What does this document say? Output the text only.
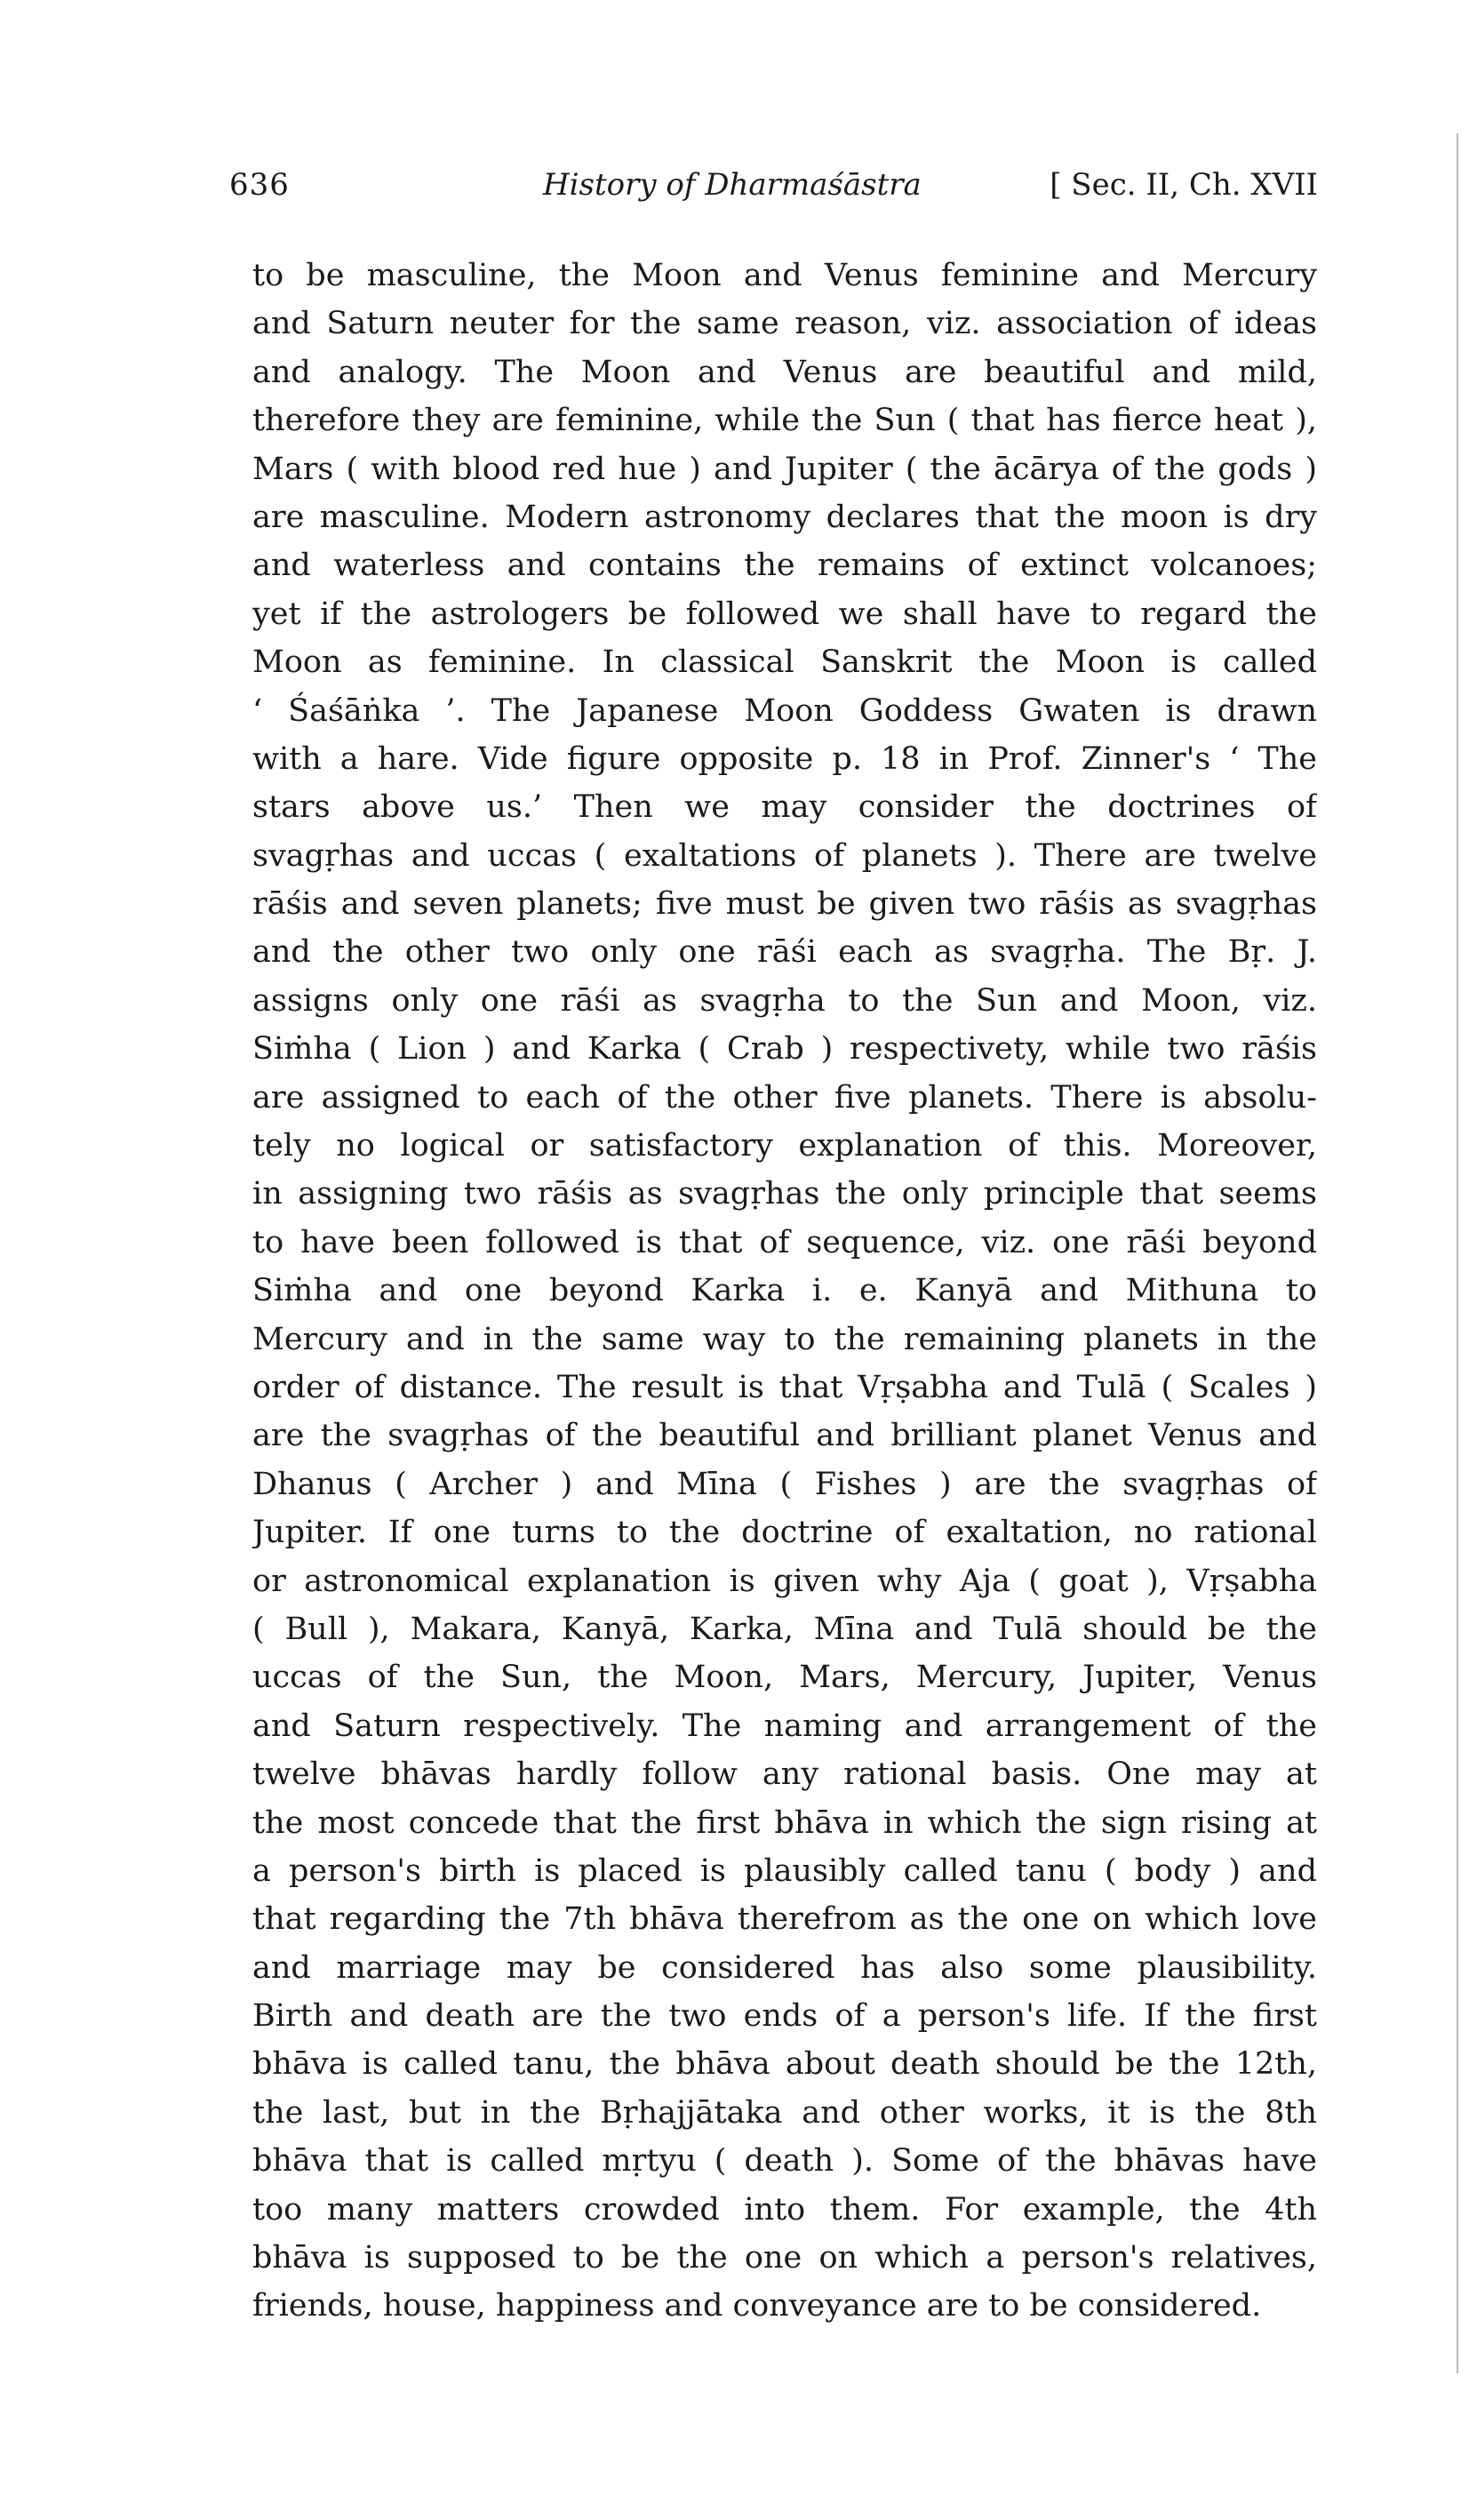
636	History of Dharmaśāstra	[ Sec. II, Ch. XVII
to be masculine, the Moon and Venus feminine and Mercury
and Saturn neuter for the same reason, viz. association of ideas
and analogy. The Moon and Venus are beautiful and mild,
therefore they are feminine, while the Sun ( that has fierce heat ),
Mars ( with blood red hue ) and Jupiter ( the ācārya of the gods )
are masculine. Modern astronomy declares that the moon is dry
and waterless and contains the remains of extinct volcanoes;
yet if the astrologers be followed we shall have to regard the
Moon as feminine. In classical Sanskrit the Moon is called
‘ Śaśāṅka ’. The Japanese Moon Goddess Gwaten is drawn
with a hare. Vide figure opposite p. 18 in Prof. Zinner's ‘ The
stars above us.’ Then we may consider the doctrines of
svagṛhas and uccas ( exaltations of planets ). There are twelve
rāśis and seven planets; five must be given two rāśis as svagṛhas
and the other two only one rāśi each as svagṛha. The Bṛ. J.
assigns only one rāśi as svagṛha to the Sun and Moon, viz.
Siṁha ( Lion ) and Karka ( Crab ) respectivety, while two rāśis
are assigned to each of the other five planets. There is absolu-
tely no logical or satisfactory explanation of this. Moreover,
in assigning two rāśis as svagṛhas the only principle that seems
to have been followed is that of sequence, viz. one rāśi beyond
Siṁha and one beyond Karka i. e. Kanyā and Mithuna to
Mercury and in the same way to the remaining planets in the
order of distance. The result is that Vṛṣabha and Tulā ( Scales )
are the svagṛhas of the beautiful and brilliant planet Venus and
Dhanus ( Archer ) and Mīna ( Fishes ) are the svagṛhas of
Jupiter. If one turns to the doctrine of exaltation, no rational
or astronomical explanation is given why Aja ( goat ), Vṛṣabha
( Bull ), Makara, Kanyā, Karka, Mīna and Tulā should be the
uccas of the Sun, the Moon, Mars, Mercury, Jupiter, Venus
and Saturn respectively. The naming and arrangement of the
twelve bhāvas hardly follow any rational basis. One may at
the most concede that the first bhāva in which the sign rising at
a person's birth is placed is plausibly called tanu ( body ) and
that regarding the 7th bhāva therefrom as the one on which love
and marriage may be considered has also some plausibility.
Birth and death are the two ends of a person's life. If the first
bhāva is called tanu, the bhāva about death should be the 12th,
the last, but in the Bṛhajjātaka and other works, it is the 8th
bhāva that is called mṛtyu ( death ). Some of the bhāvas have
too many matters crowded into them. For example, the 4th
bhāva is supposed to be the one on which a person's relatives,
friends, house, happiness and conveyance are to be considered.
